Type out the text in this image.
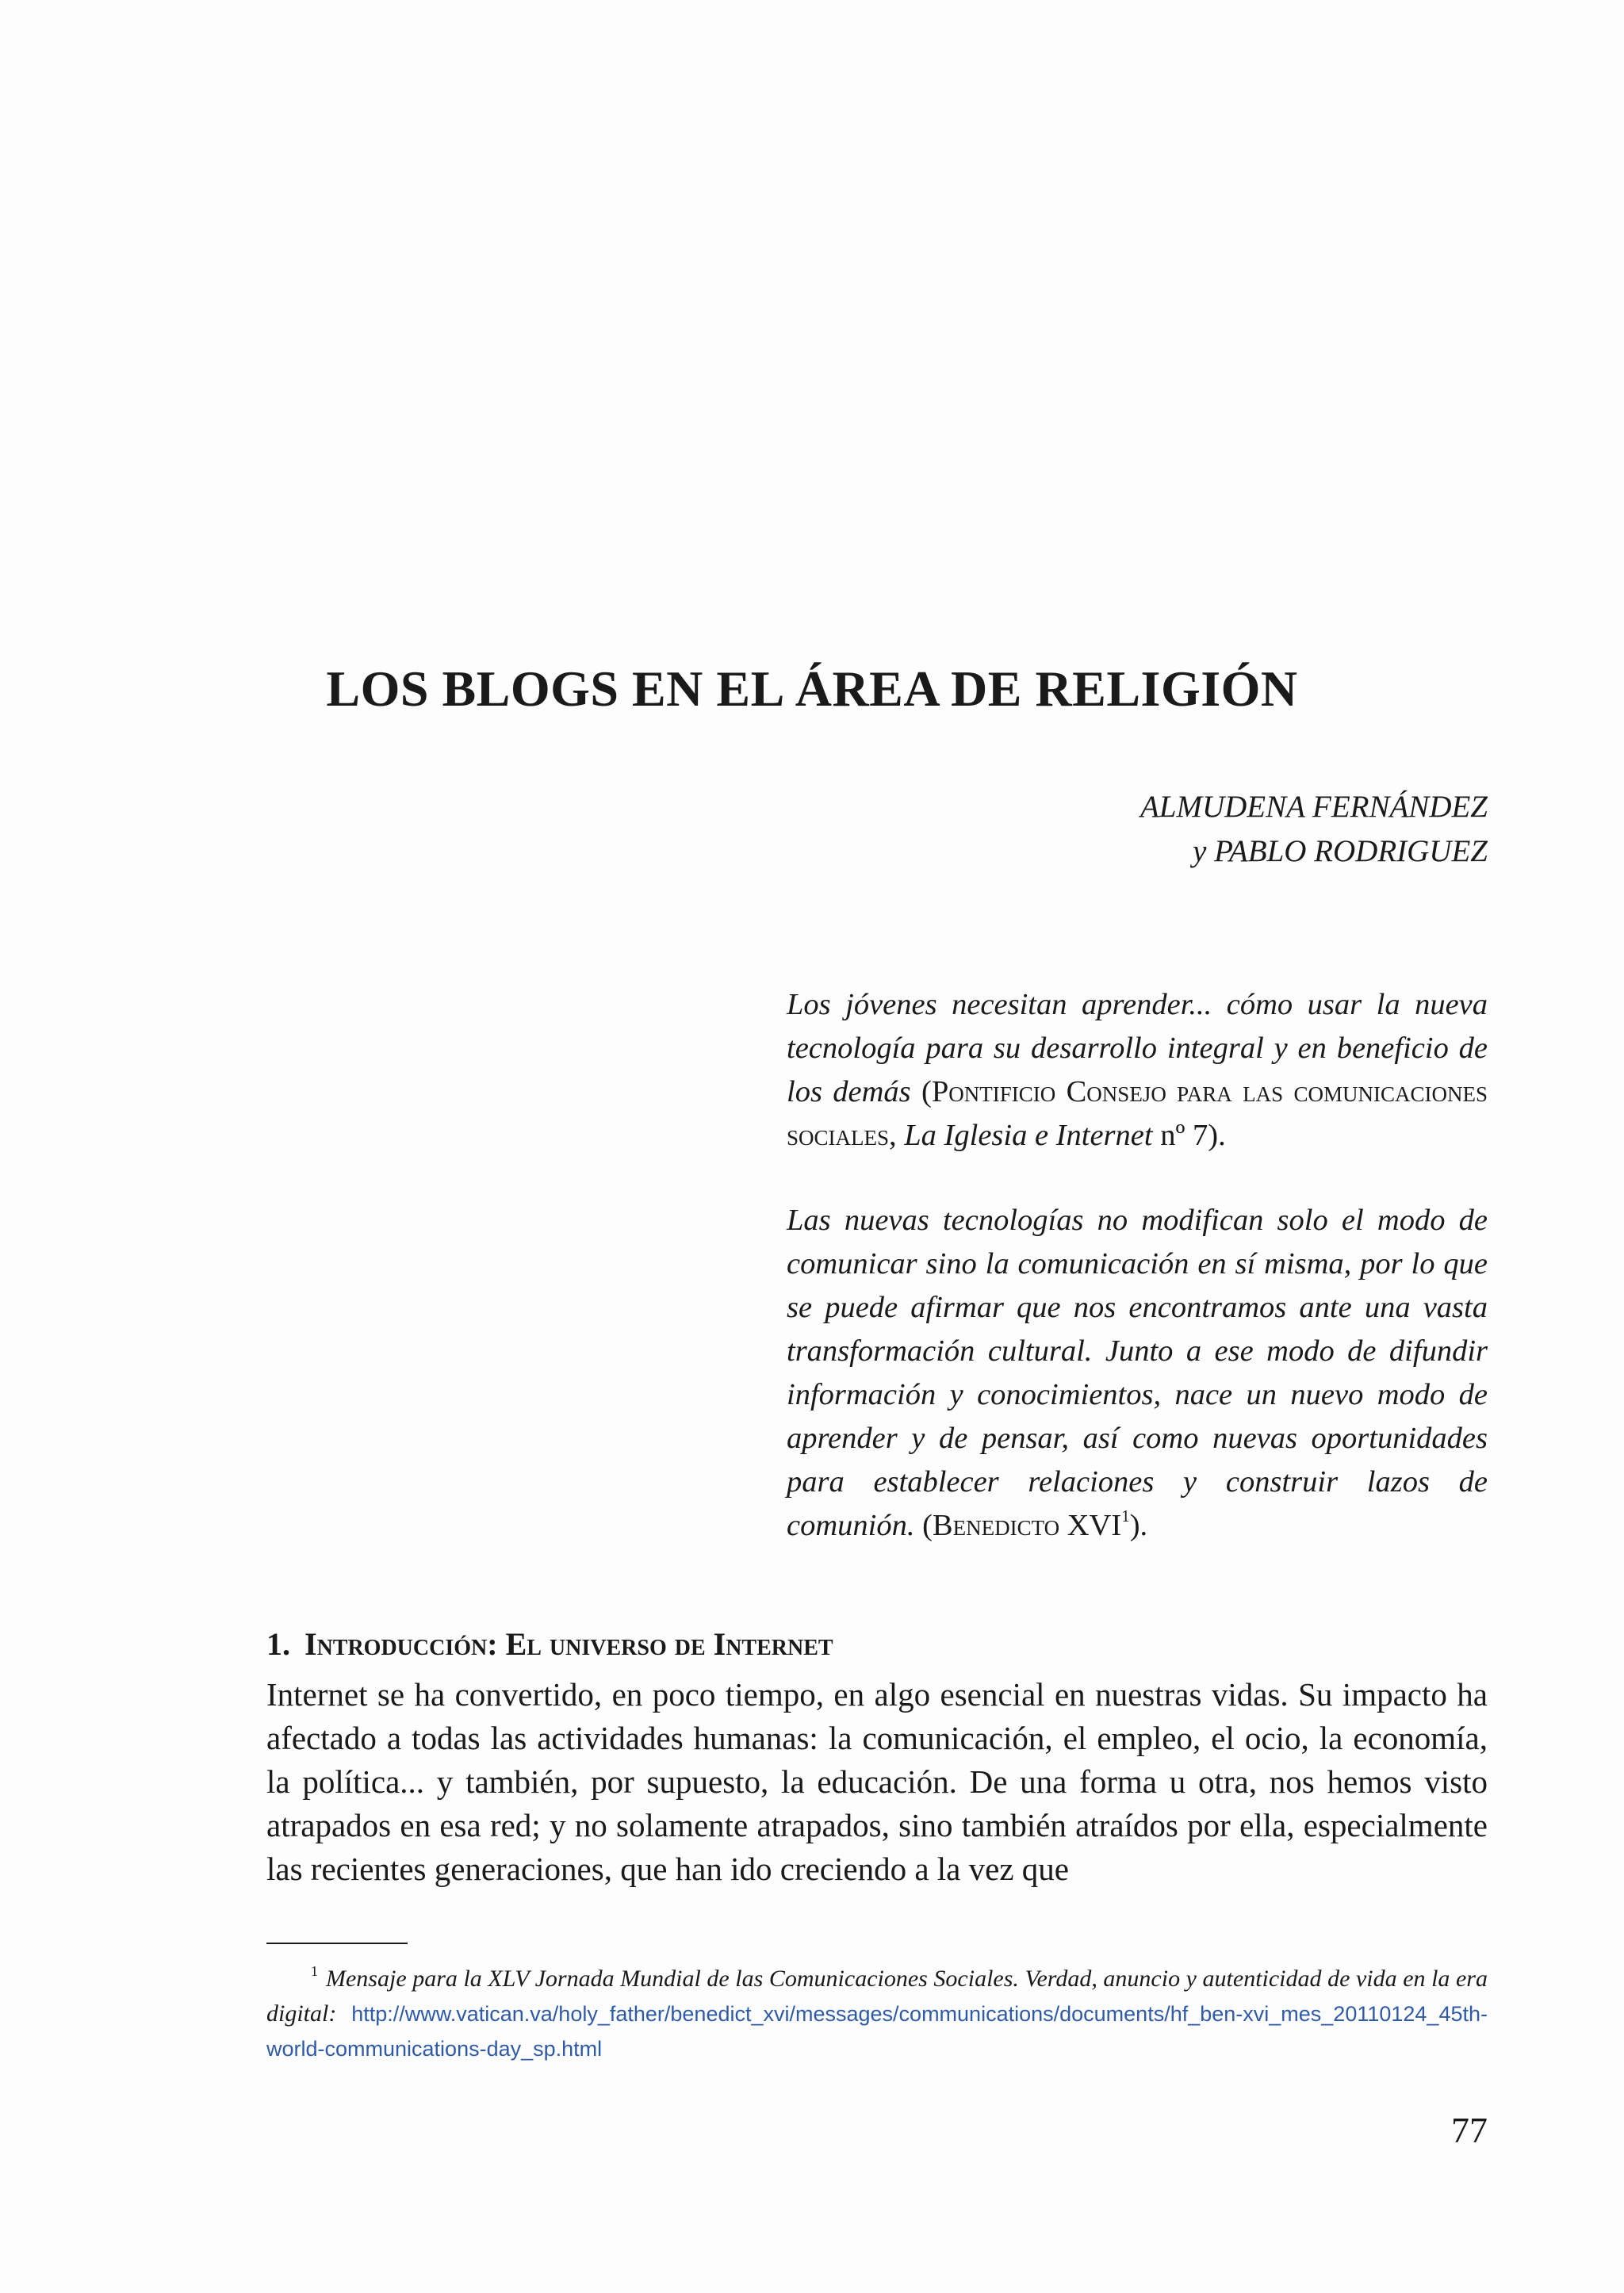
LOS BLOGS EN EL ÁREA DE RELIGIÓN
ALMUDENA FERNÁNDEZ
y PABLO RODRIGUEZ

Los jóvenes necesitan aprender... cómo usar la nueva tecnología para su desarrollo integral y en beneficio de los demás (Pontificio Consejo para las comunicaciones sociales, La Iglesia e Internet nº 7).

Las nuevas tecnologías no modifican solo el modo de comunicar sino la comunicación en sí misma, por lo que se puede afirmar que nos encontramos ante una vasta transformación cultural. Junto a ese modo de difundir información y conocimientos, nace un nuevo modo de aprender y de pensar, así como nuevas oportunidades para establecer relaciones y construir lazos de comunión. (Benedicto XVI$^1$).

1. Introducción: El universo de Internet

Internet se ha convertido, en poco tiempo, en algo esencial en nuestras vidas. Su impacto ha afectado a todas las actividades humanas: la comunicación, el empleo, el ocio, la economía, la política... y también, por supuesto, la educación. De una forma u otra, nos hemos visto atrapados en esa red; y no solamente atrapados, sino también atraídos por ella, especialmente las recientes generaciones, que han ido creciendo a la vez que

$^1$ Mensaje para la XLV Jornada Mundial de las Comunicaciones Sociales. Verdad, anuncio y autenticidad de vida en la era digital: http://www.vatican.va/holy_father/benedict_xvi/messages/communications/documents/hf_ben-xvi_mes_20110124_45th-world-communications-day_sp.html
77
